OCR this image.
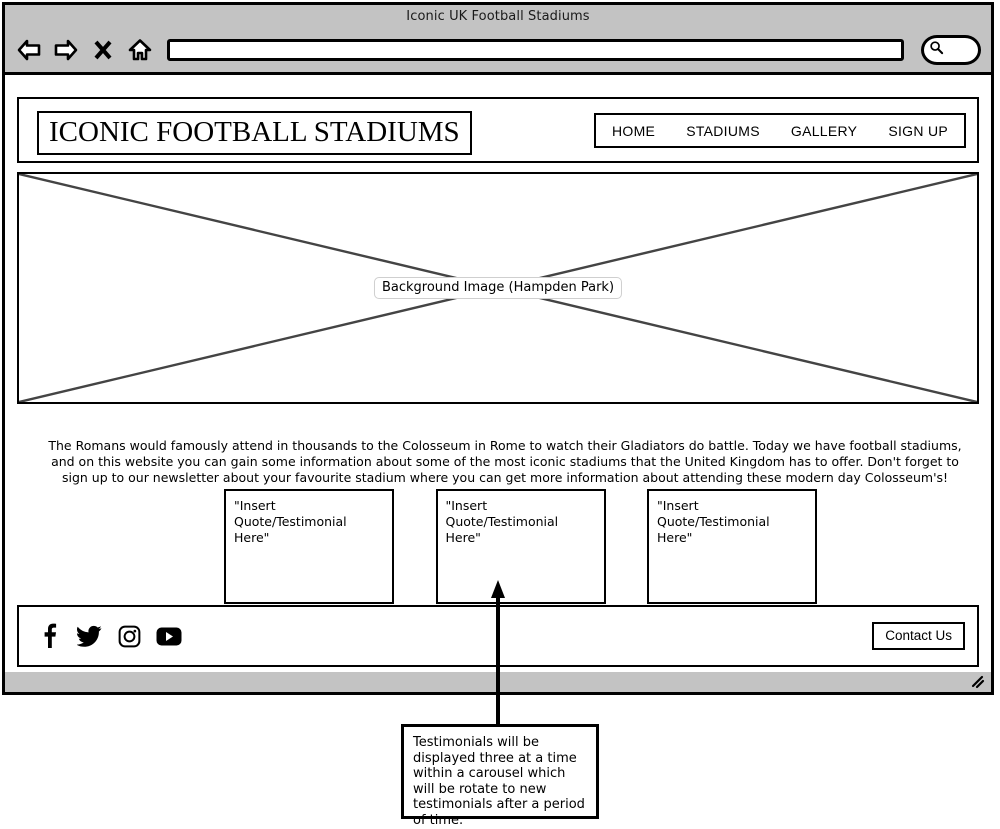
Iconic UK Football Stadiums
ICONIC FOOTBALL STADIUMS	HOME STADIUMS GALLERY SIGN UP
Background Image (Hampden Park)

The Romans would famously attend in thousands to the Colosseum in Rome to watch their Gladiators do battle. Today we have football stadiums, and on this website you can gain some information about some of the most iconic stadiums that the United Kingdom has to offer. Don't forget to sign up to our newsletter about your favourite stadium where you can get more information about attending these modern day Colosseum's!

"Insert Quote/Testimonial Here"
"Insert Quote/Testimonial Here"
"Insert Quote/Testimonial Here"
Contact Us
Testimonials will be displayed three at a time within a carousel which will be rotate to new testimonials after a period of time.
